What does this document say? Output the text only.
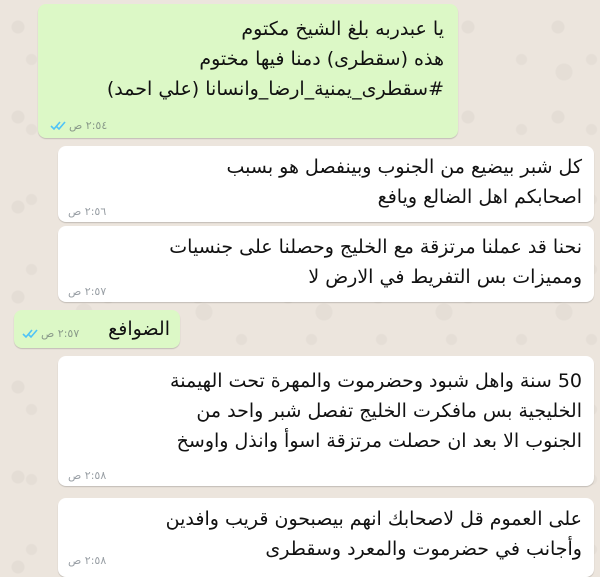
يا عبدربه بلغ الشيخ مكتوم
هذه (سقطرى) دمنا فيها مختوم
#سقطرى_يمنية_ارضا_وانسانا (علي احمد)
٢:٥٤ ص
كل شبر بيضيع من الجنوب وبينفصل هو بسبب
اصحابكم اهل الضالع ويافع
٢:٥٦ ص
نحنا قد عملنا مرتزقة مع الخليج وحصلنا على جنسيات
ومميزات بس التفريط في الارض لا
٢:٥٧ ص
الضوافع
٢:٥٧ ص
50 سنة واهل شبود وحضرموت والمهرة تحت الهيمنة
الخليجية بس مافكرت الخليج تفصل شبر واحد من
الجنوب الا بعد ان حصلت مرتزقة اسوأ وانذل واوسخ
٢:٥٨ ص
على العموم قل لاصحابك انهم بيصبحون قريب وافدين
وأجانب في حضرموت والمعرد وسقطرى
٢:٥٨ ص
